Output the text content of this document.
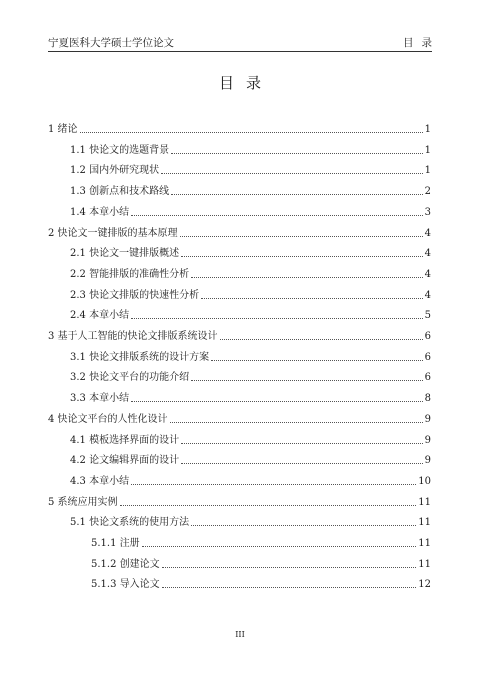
宁夏医科大学硕士学位论文	目录
目录
1 绪论	1
1.1 快论文的选题背景	1
1.2 国内外研究现状	1
1.3 创新点和技术路线	2
1.4 本章小结	3
2 快论文一键排版的基本原理	4
2.1 快论文一键排版概述	4
2.2 智能排版的准确性分析	4
2.3 快论文排版的快速性分析	4
2.4 本章小结	5
3 基于人工智能的快论文排版系统设计	6
3.1 快论文排版系统的设计方案	6
3.2 快论文平台的功能介绍	6
3.3 本章小结	8
4 快论文平台的人性化设计	9
4.1 模板选择界面的设计	9
4.2 论文编辑界面的设计	9
4.3 本章小结	10
5 系统应用实例	11
5.1 快论文系统的使用方法	11
5.1.1 注册	11
5.1.2 创建论文	11
5.1.3 导入论文	12
III
